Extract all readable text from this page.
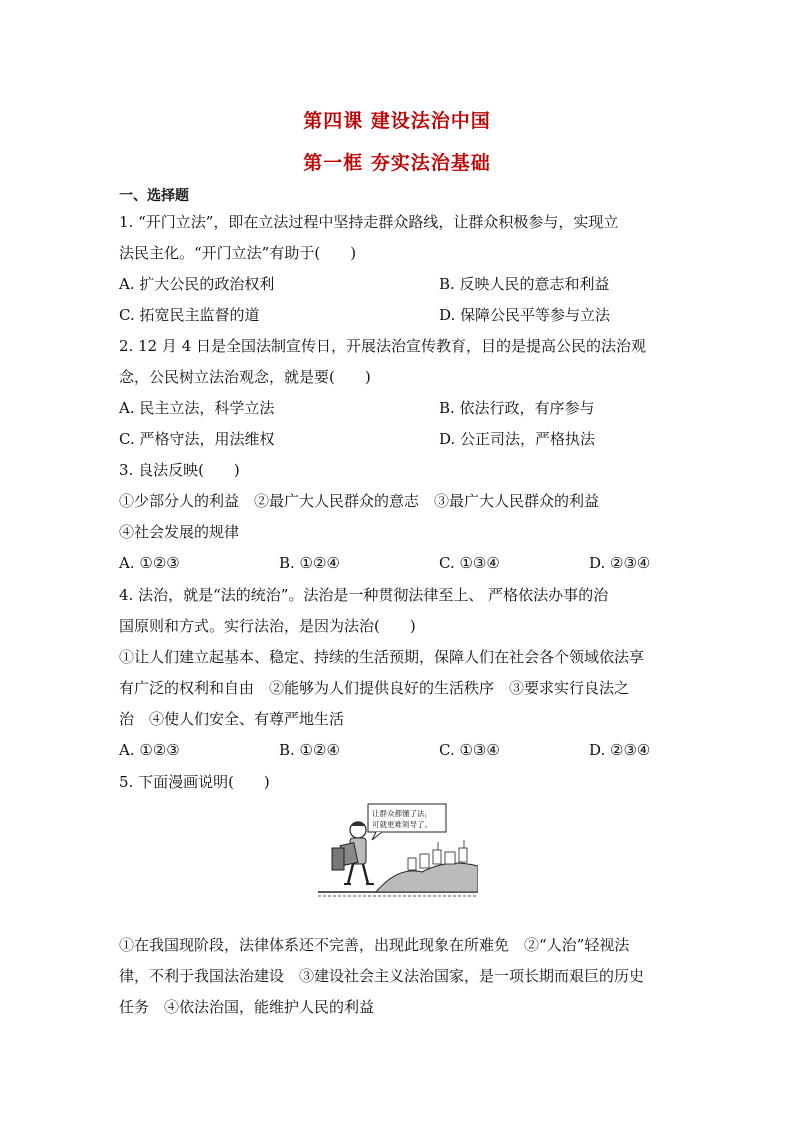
第四课 建设法治中国
第一框 夯实法治基础
一、选择题
1. “开门立法”，即在立法过程中坚持走群众路线，让群众积极参与，实现立
法民主化。“开门立法”有助于(　　)
A. 扩大公民的政治权利	B. 反映人民的意志和利益
C. 拓宽民主监督的道	D. 保障公民平等参与立法
2. 12 月 4 日是全国法制宣传日，开展法治宣传教育，目的是提高公民的法治观
念，公民树立法治观念，就是要(　　)
A. 民主立法，科学立法	B. 依法行政，有序参与
C. 严格守法，用法维权	D. 公正司法，严格执法
3. 良法反映(　　)
①少部分人的利益　②最广大人民群众的意志　③最广大人民群众的利益
④社会发展的规律
A. ①②③	B. ①②④	C. ①③④	D. ②③④
4. 法治，就是“法的统治”。法治是一种贯彻法律至上、 严格依法办事的治
国原则和方式。实行法治，是因为法治(　　)
①让人们建立起基本、稳定、持续的生活预期，保障人们在社会各个领域依法享
有广泛的权利和自由　②能够为人们提供良好的生活秩序　③要求实行良法之
治　④使人们安全、有尊严地生活
A. ①②③	B. ①②④	C. ①③④	D. ②③④
5. 下面漫画说明(　　)
让群众都懂了法，
可就更难领导了。
①在我国现阶段，法律体系还不完善，出现此现象在所难免　②“人治”轻视法
律，不利于我国法治建设　③建设社会主义法治国家，是一项长期而艰巨的历史
任务　④依法治国，能维护人民的利益
